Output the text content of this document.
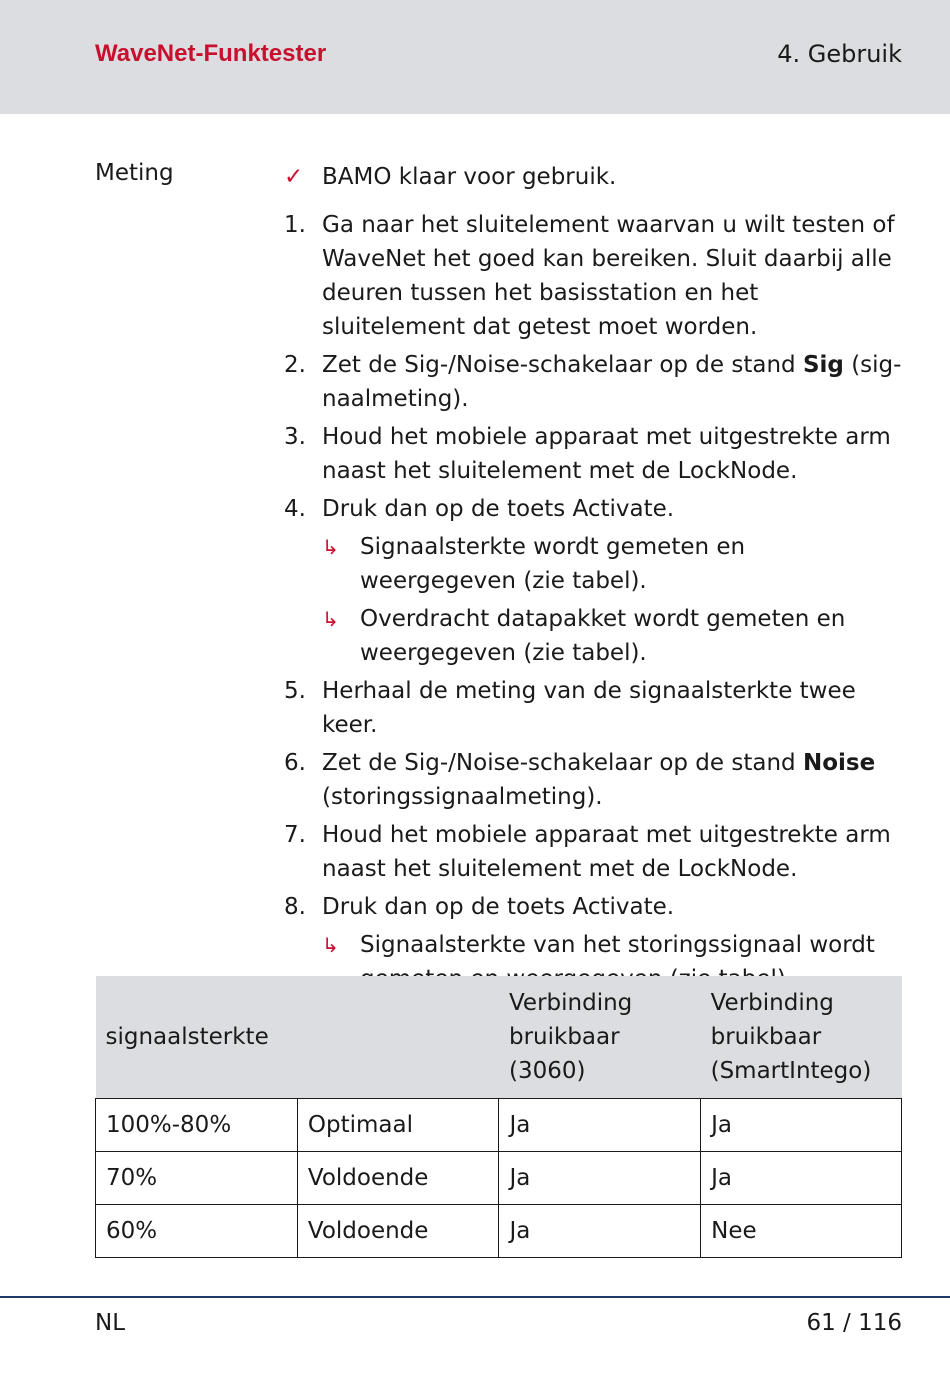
WaveNet-Funktester	4. Gebruik
Meting	✓ BAMO klaar voor gebruik.
1. Ga naar het sluitelement waarvan u wilt testen of WaveNet het goed kan bereiken. Sluit daarbij alle deuren tussen het basisstation en het sluitelement dat getest moet worden.
2. Zet de Sig-/Noise-schakelaar op de stand Sig (sig-naalmeting).
3. Houd het mobiele apparaat met uitgestrekte arm naast het sluitelement met de LockNode.
4. Druk dan op de toets Activate.
↳ Signaalsterkte wordt gemeten en weergegeven (zie tabel).
↳ Overdracht datapakket wordt gemeten en weergegeven (zie tabel).
5. Herhaal de meting van de signaalsterkte twee keer.
6. Zet de Sig-/Noise-schakelaar op de stand Noise (storingssignaalmeting).
7. Houd het mobiele apparaat met uitgestrekte arm naast het sluitelement met de LockNode.
8. Druk dan op de toets Activate.
↳ Signaalsterkte van het storingssignaal wordt
signaalsterkte		Verbinding bruikbaar (3060)	Verbinding bruikbaar (SmartIntego)
100%-80%	Optimaal	Ja	Ja
70%	Voldoende	Ja	Ja
60%	Voldoende	Ja	Nee
NL	61 / 116
